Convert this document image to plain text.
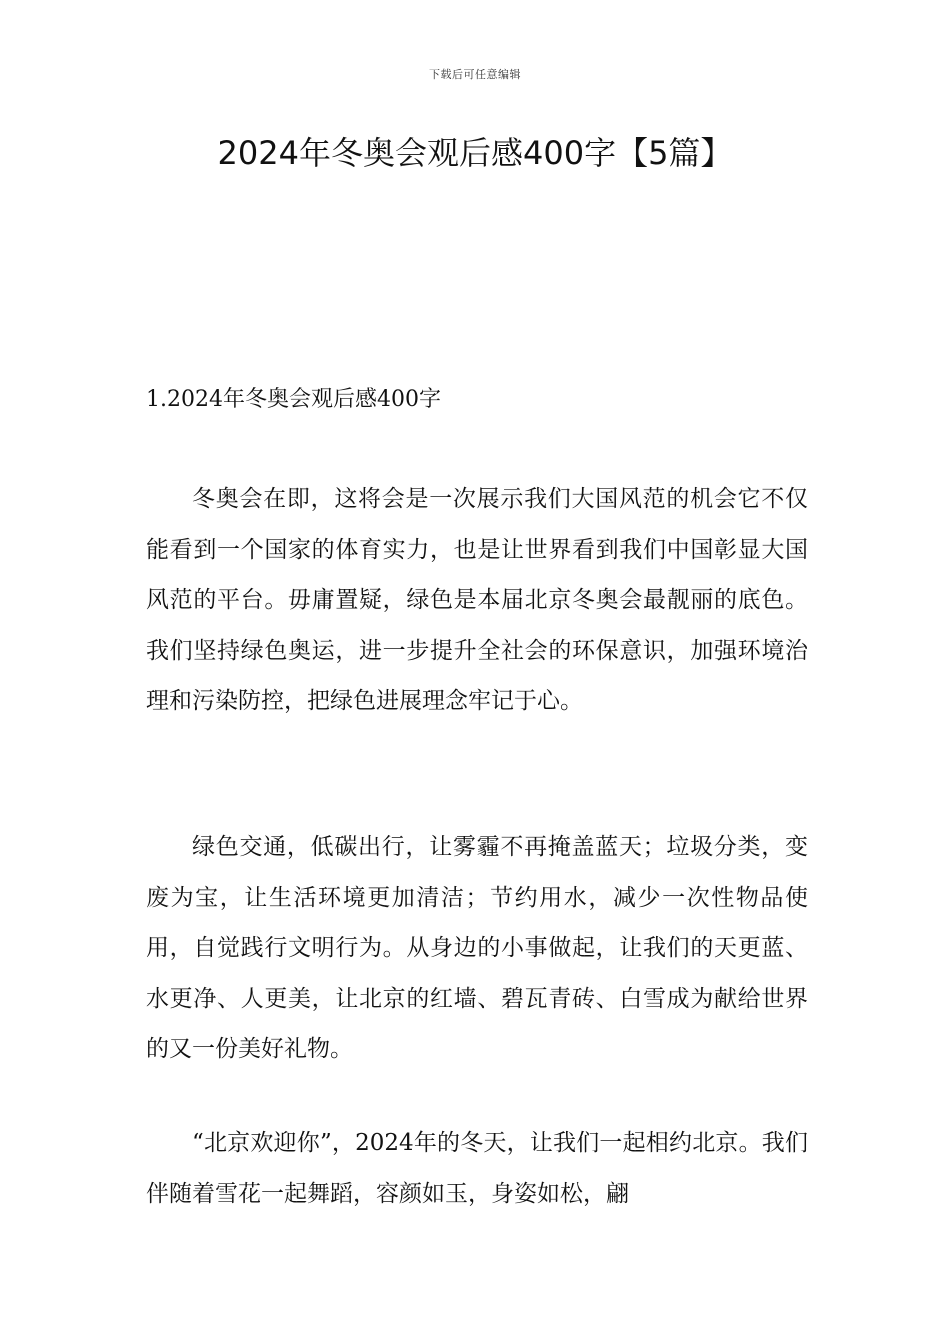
下载后可任意编辑
2024年冬奥会观后感400字【5篇】
1.2024年冬奥会观后感400字

冬奥会在即，这将会是一次展示我们大国风范的机会它不仅能看到一个国家的体育实力，也是让世界看到我们中国彰显大国风范的平台。毋庸置疑，绿色是本届北京冬奥会最靓丽的底色。我们坚持绿色奥运，进一步提升全社会的环保意识，加强环境治理和污染防控，把绿色进展理念牢记于心。

绿色交通，低碳出行，让雾霾不再掩盖蓝天；垃圾分类，变废为宝，让生活环境更加清洁；节约用水，减少一次性物品使用，自觉践行文明行为。从身边的小事做起，让我们的天更蓝、水更净、人更美，让北京的红墙、碧瓦青砖、白雪成为献给世界的又一份美好礼物。

“北京欢迎你”，2024年的冬天，让我们一起相约北京。我们伴随着雪花一起舞蹈，容颜如玉，身姿如松，翩
